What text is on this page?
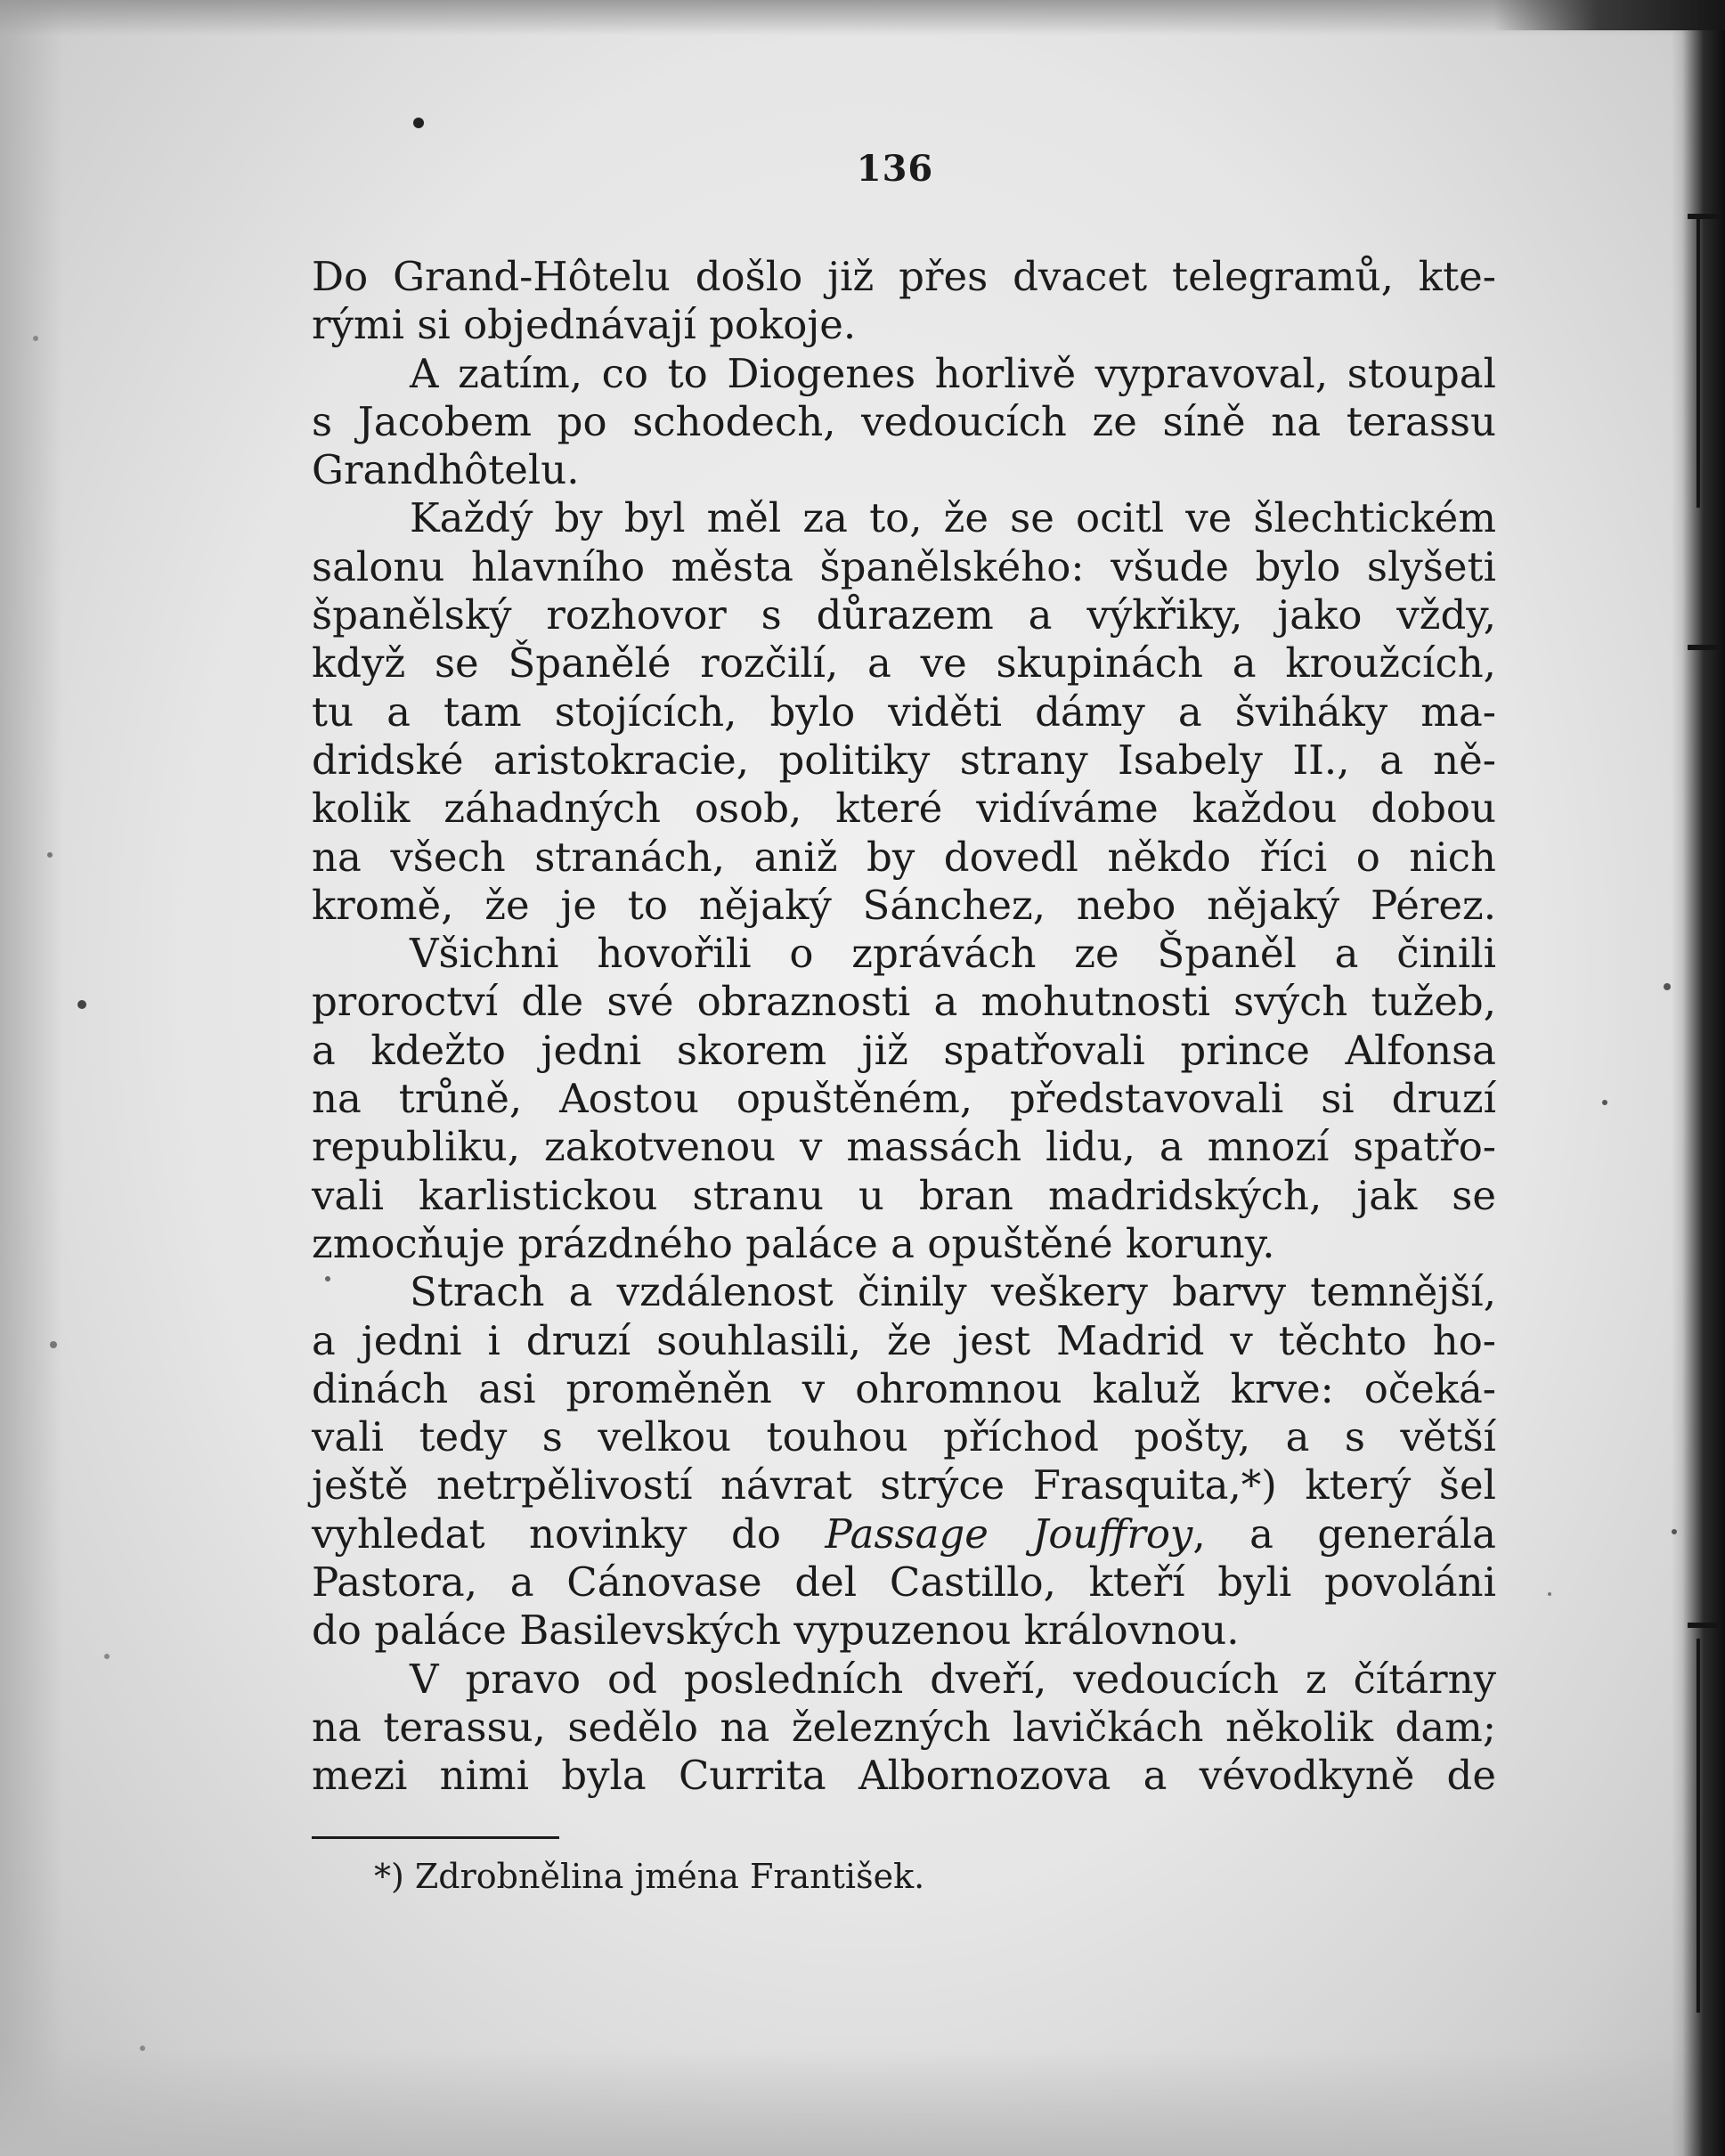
136
Do Grand-Hôtelu došlo již přes dvacet telegramů, kte-
rými si objednávají pokoje.
A zatím, co to Diogenes horlivě vypravoval, stoupal
s Jacobem po schodech, vedoucích ze síně na terassu
Grandhôtelu.
Každý by byl měl za to, že se ocitl ve šlechtickém
salonu hlavního města španělského: všude bylo slyšeti
španělský rozhovor s důrazem a výkřiky, jako vždy,
když se Španělé rozčilí, a ve skupinách a kroužcích,
tu a tam stojících, bylo viděti dámy a šviháky ma-
dridské aristokracie, politiky strany Isabely II., a ně-
kolik záhadných osob, které vidíváme každou dobou
na všech stranách, aniž by dovedl někdo říci o nich
kromě, že je to nějaký Sánchez, nebo nějaký Pérez.
Všichni hovořili o zprávách ze Španěl a činili
proroctví dle své obraznosti a mohutnosti svých tužeb,
a kdežto jedni skorem již spatřovali prince Alfonsa
na trůně, Aostou opuštěném, představovali si druzí
republiku, zakotvenou v massách lidu, a mnozí spatřo-
vali karlistickou stranu u bran madridských, jak se
zmocňuje prázdného paláce a opuštěné koruny.
Strach a vzdálenost činily veškery barvy temnější,
a jedni i druzí souhlasili, že jest Madrid v těchto ho-
dinách asi proměněn v ohromnou kaluž krve: očeká-
vali tedy s velkou touhou příchod pošty, a s větší
ještě netrpělivostí návrat strýce Frasquita,*) který šel
vyhledat novinky do Passage Jouffroy, a generála
Pastora, a Cánovase del Castillo, kteří byli povoláni
do paláce Basilevských vypuzenou královnou.
V pravo od posledních dveří, vedoucích z čítárny
na terassu, sedělo na železných lavičkách několik dam;
mezi nimi byla Currita Albornozova a vévodkyně de
*) Zdrobnělina jména František.
